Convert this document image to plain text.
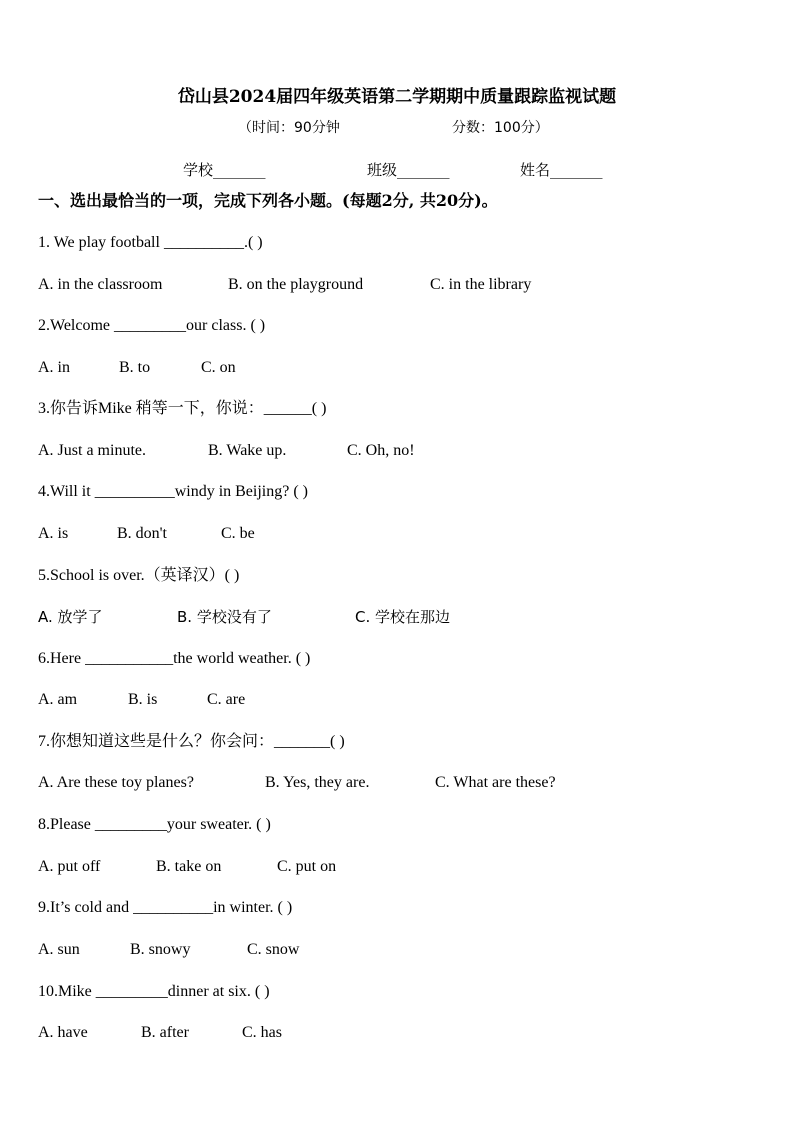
岱山县2024届四年级英语第二学期期中质量跟踪监视试题
（时间：90分钟	分数：100分）
学校_______	班级_______	姓名_______
一、选出最恰当的一项，完成下列各小题。(每题2分, 共20分)。
1. We play football __________.( )
A. in the classroom	B. on the playground	C. in the library
2.Welcome _________our class. ( )
A. in	B. to	C. on
3.你告诉Mike 稍等一下，你说：______( )
A. Just a minute.	B. Wake up.	C. Oh, no!
4.Will it __________windy in Beijing? ( )
A. is	B. don't	C. be
5.School is over.（英译汉）( )
A. 放学了	B. 学校没有了	C. 学校在那边
6.Here ___________the world weather. ( )
A. am	B. is	C. are
7.你想知道这些是什么？你会问：_______( )
A. Are these toy planes?	B. Yes, they are.	C. What are these?
8.Please _________your sweater. ( )
A. put off	B. take on	C. put on
9.It’s cold and __________in winter. ( )
A. sun	B. snowy	C. snow
10.Mike _________dinner at six. ( )
A. have	B. after	C. has
